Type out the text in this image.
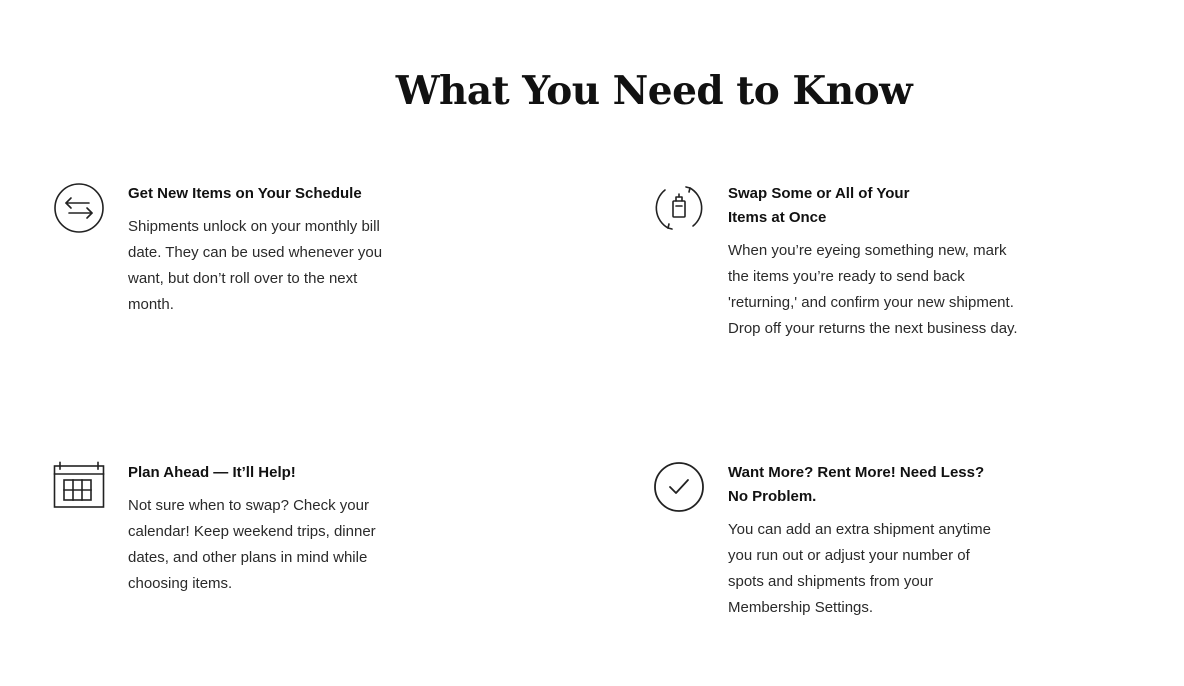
What You Need to Know
Get New Items on Your Schedule

Shipments unlock on your monthly bill date. They can be used whenever you want, but don’t roll over to the next month.

Swap Some or All of Your Items at Once

When you’re eyeing something new, mark the items you’re ready to send back 'returning,' and confirm your new shipment.

Drop off your returns the next business day.

Plan Ahead — It’ll Help!

Not sure when to swap? Check your calendar! Keep weekend trips, dinner dates, and other plans in mind while choosing items.

Want More? Rent More! Need Less? No Problem.

You can add an extra shipment anytime you run out or adjust your number of spots and shipments from your Membership Settings.
